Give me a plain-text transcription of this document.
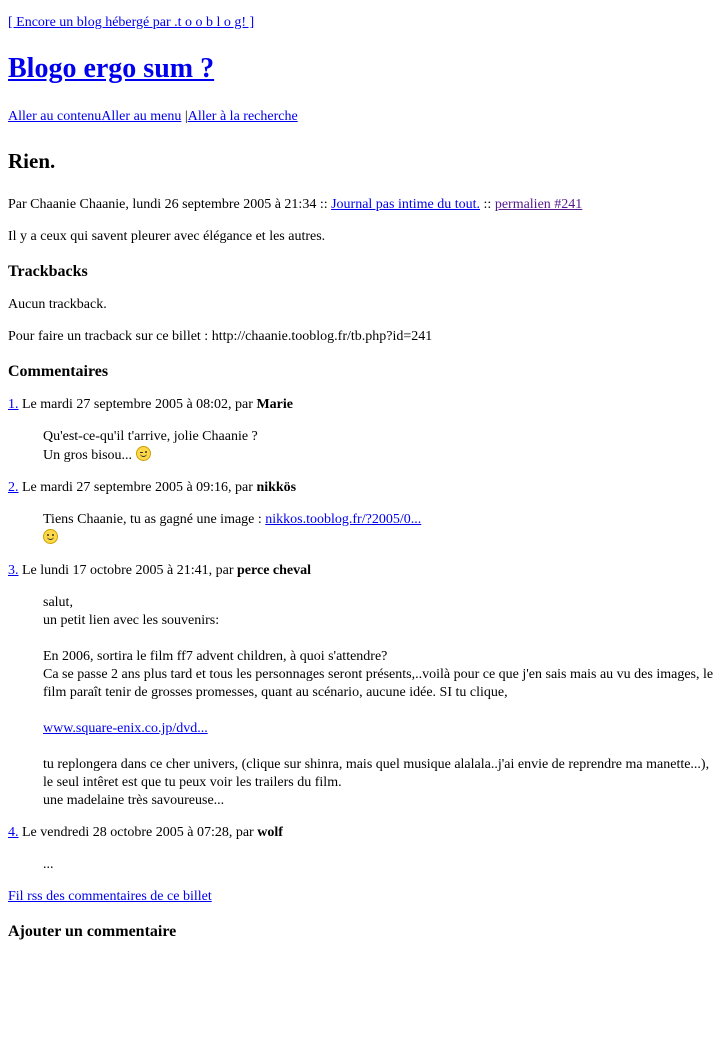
[ Encore un blog hébergé par .t o o b l o g! ]
Blogo ergo sum ?
Aller au contenuAller au menu |Aller à la recherche
Rien.
Par Chaanie Chaanie, lundi 26 septembre 2005 à 21:34 :: Journal pas intime du tout. :: permalien #241
Il y a ceux qui savent pleurer avec élégance et les autres.
Trackbacks

Aucun trackback.

Pour faire un tracback sur ce billet : http://chaanie.tooblog.fr/tb.php?id=241

Commentaires
1. Le mardi 27 septembre 2005 à 08:02, par Marie

Qu'est-ce-qu'il t'arrive, jolie Chaanie ?
Un gros bisou...

2. Le mardi 27 septembre 2005 à 09:16, par nikkös

Tiens Chaanie, tu as gagné une image : nikkos.tooblog.fr/?2005/0...

3. Le lundi 17 octobre 2005 à 21:41, par perce cheval

salut,
un petit lien avec les souvenirs:

En 2006, sortira le film ff7 advent children, à quoi s'attendre?
Ca se passe 2 ans plus tard et tous les personnages seront présents,..voilà pour ce que j'en sais mais au vu des images, le film paraît tenir de grosses promesses, quant au scénario, aucune idée. SI tu clique,

www.square-enix.co.jp/dvd...

tu replongera dans ce cher univers, (clique sur shinra, mais quel musique alalala..j'ai envie de reprendre ma manette...), le seul intêret est que tu peux voir les trailers du film.
une madelaine très savoureuse...

4. Le vendredi 28 octobre 2005 à 07:28, par wolf

...

Fil rss des commentaires de ce billet
Ajouter un commentaire
